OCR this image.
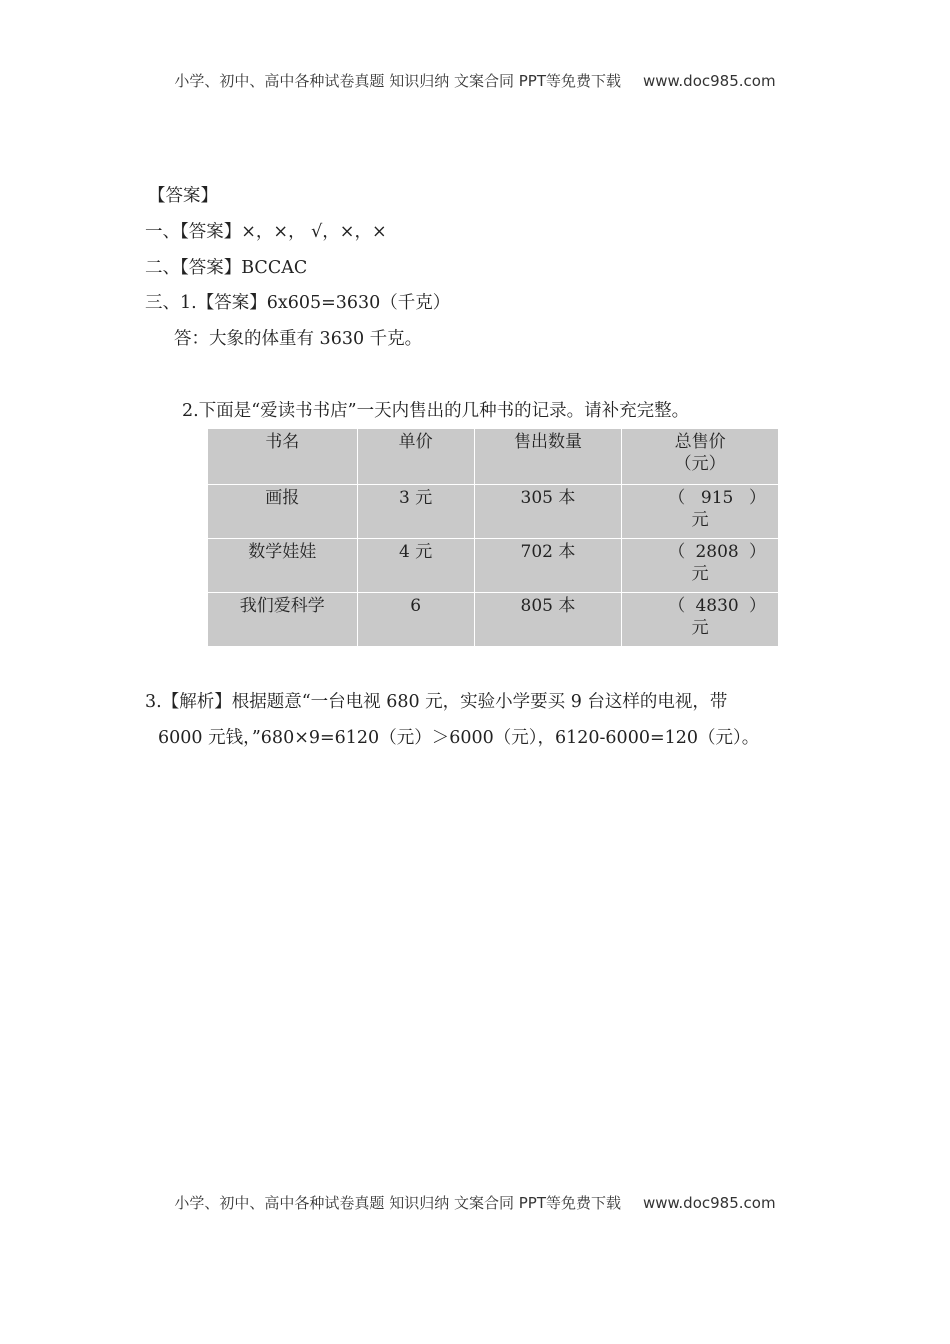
小学、初中、高中各种试卷真题 知识归纳 文案合同 PPT等免费下载 www.doc985.com
【答案】
一、【答案】×，×， √，×，×
二、【答案】BCCAC
三、1.【答案】6x605=3630（千克）
答：大象的体重有 3630 千克。
2.下面是“爱读书书店”一天内售出的几种书的记录。请补充完整。
书名	单价	售出数量	总售价
（元）

画报	3 元	305 本	（ 915 ）
元

数学娃娃	4 元	702 本	（ 2808 ）
元

我们爱科学	6	805 本	（ 4830 ）
元
3.【解析】根据题意“一台电视 680 元，实验小学要买 9 台这样的电视，带
6000 元钱，”680×9=6120（元）＞6000（元），6120-6000=120（元）。
小学、初中、高中各种试卷真题 知识归纳 文案合同 PPT等免费下载 www.doc985.com
